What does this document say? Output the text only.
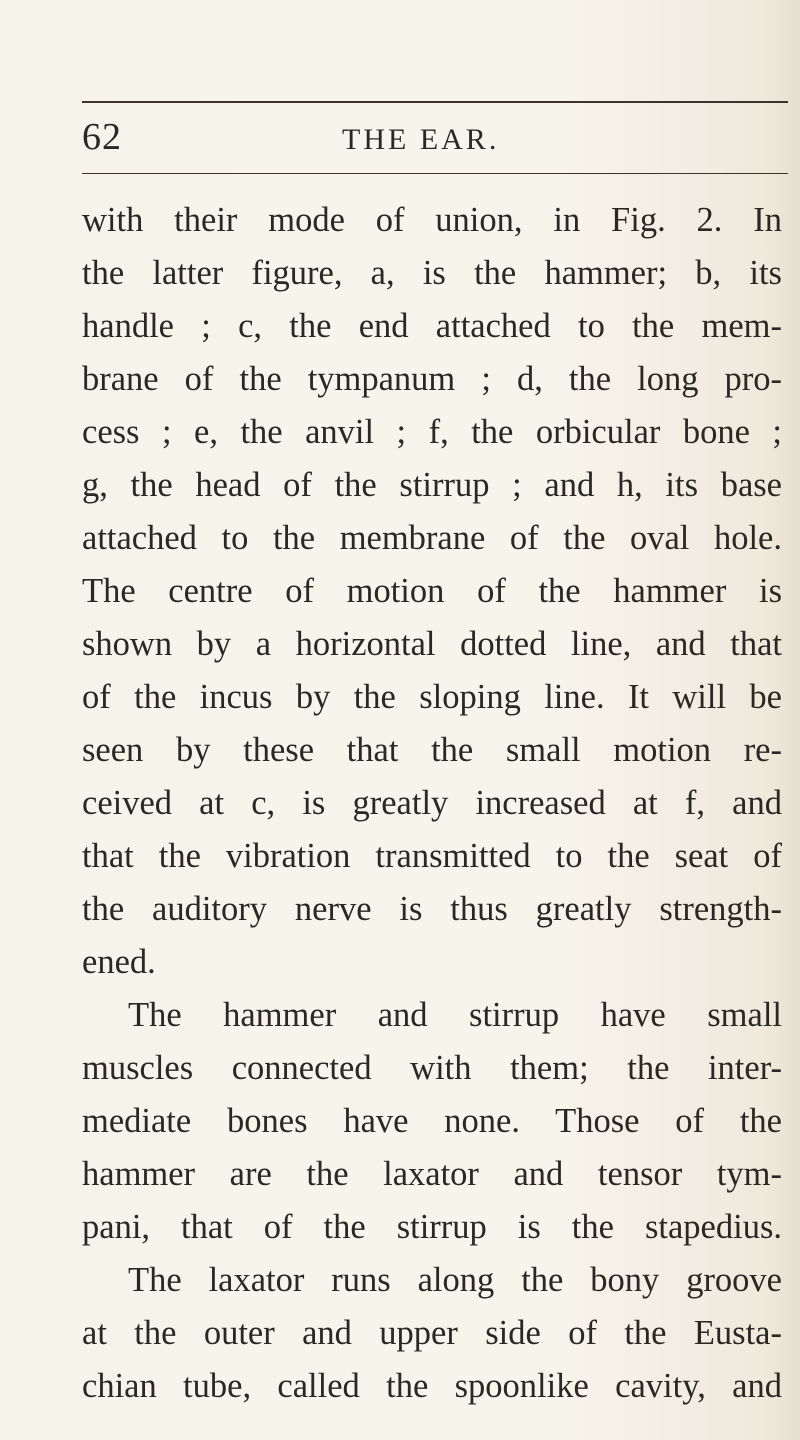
62	THE EAR.
with their mode of union, in Fig. 2. In
the latter figure, a, is the hammer; b, its
handle ; c, the end attached to the mem-
brane of the tympanum ; d, the long pro-
cess ; e, the anvil ; f, the orbicular bone ;
g, the head of the stirrup ; and h, its base
attached to the membrane of the oval hole.
The centre of motion of the hammer is
shown by a horizontal dotted line, and that
of the incus by the sloping line. It will be
seen by these that the small motion re-
ceived at c, is greatly increased at f, and
that the vibration transmitted to the seat of
the auditory nerve is thus greatly strength-
ened.
The hammer and stirrup have small
muscles connected with them; the inter-
mediate bones have none. Those of the
hammer are the laxator and tensor tym-
pani, that of the stirrup is the stapedius.
The laxator runs along the bony groove
at the outer and upper side of the Eusta-
chian tube, called the spoonlike cavity, and
